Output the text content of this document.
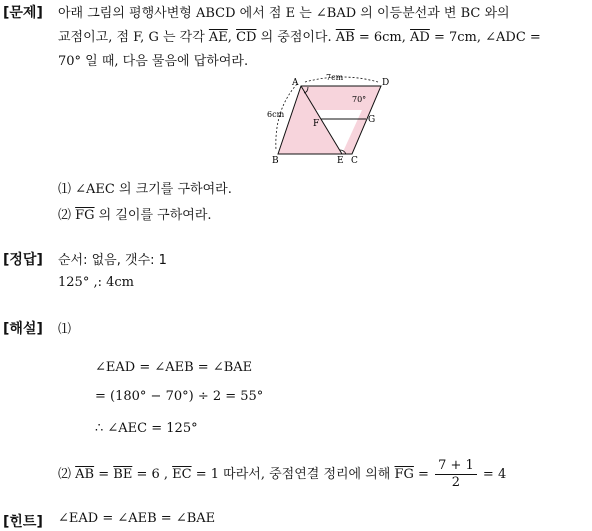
[문제] 아래 그림의 평행사변형 ABCD 에서 점 E 는 ∠BAD 의 이등분선과 변 BC 와의
교점이고, 점 F, G 는 각각 $\overline{AE}$, $\overline{CD}$ 의 중점이다. $\overline{AB} = 6cm$, $\overline{AD} = 7cm$, ∠ADC =
70° 일 때, 다음 물음에 답하여라.
A	D
B	E C
F	G
7cm
6cm
70°
⑴ ∠AEC 의 크기를 구하여라.
⑵ $\overline{FG}$ 의 길이를 구하여라.
[정답] 순서: 없음, 갯수: 1
125° ,: 4cm
[해설] ⑴
∠EAD = ∠AEB = ∠BAE
= (180° − 70°) ÷ 2 = 55°
∴ ∠AEC = 125°
⑵ $\overline{AB} = \overline{BE} = 6$ , $\overline{EC} = 1$ 따라서, 중점연결 정리에 의해 $\overline{FG} = \frac{7 + 1}{2} = 4$
[힌트] ∠EAD = ∠AEB = ∠BAE
